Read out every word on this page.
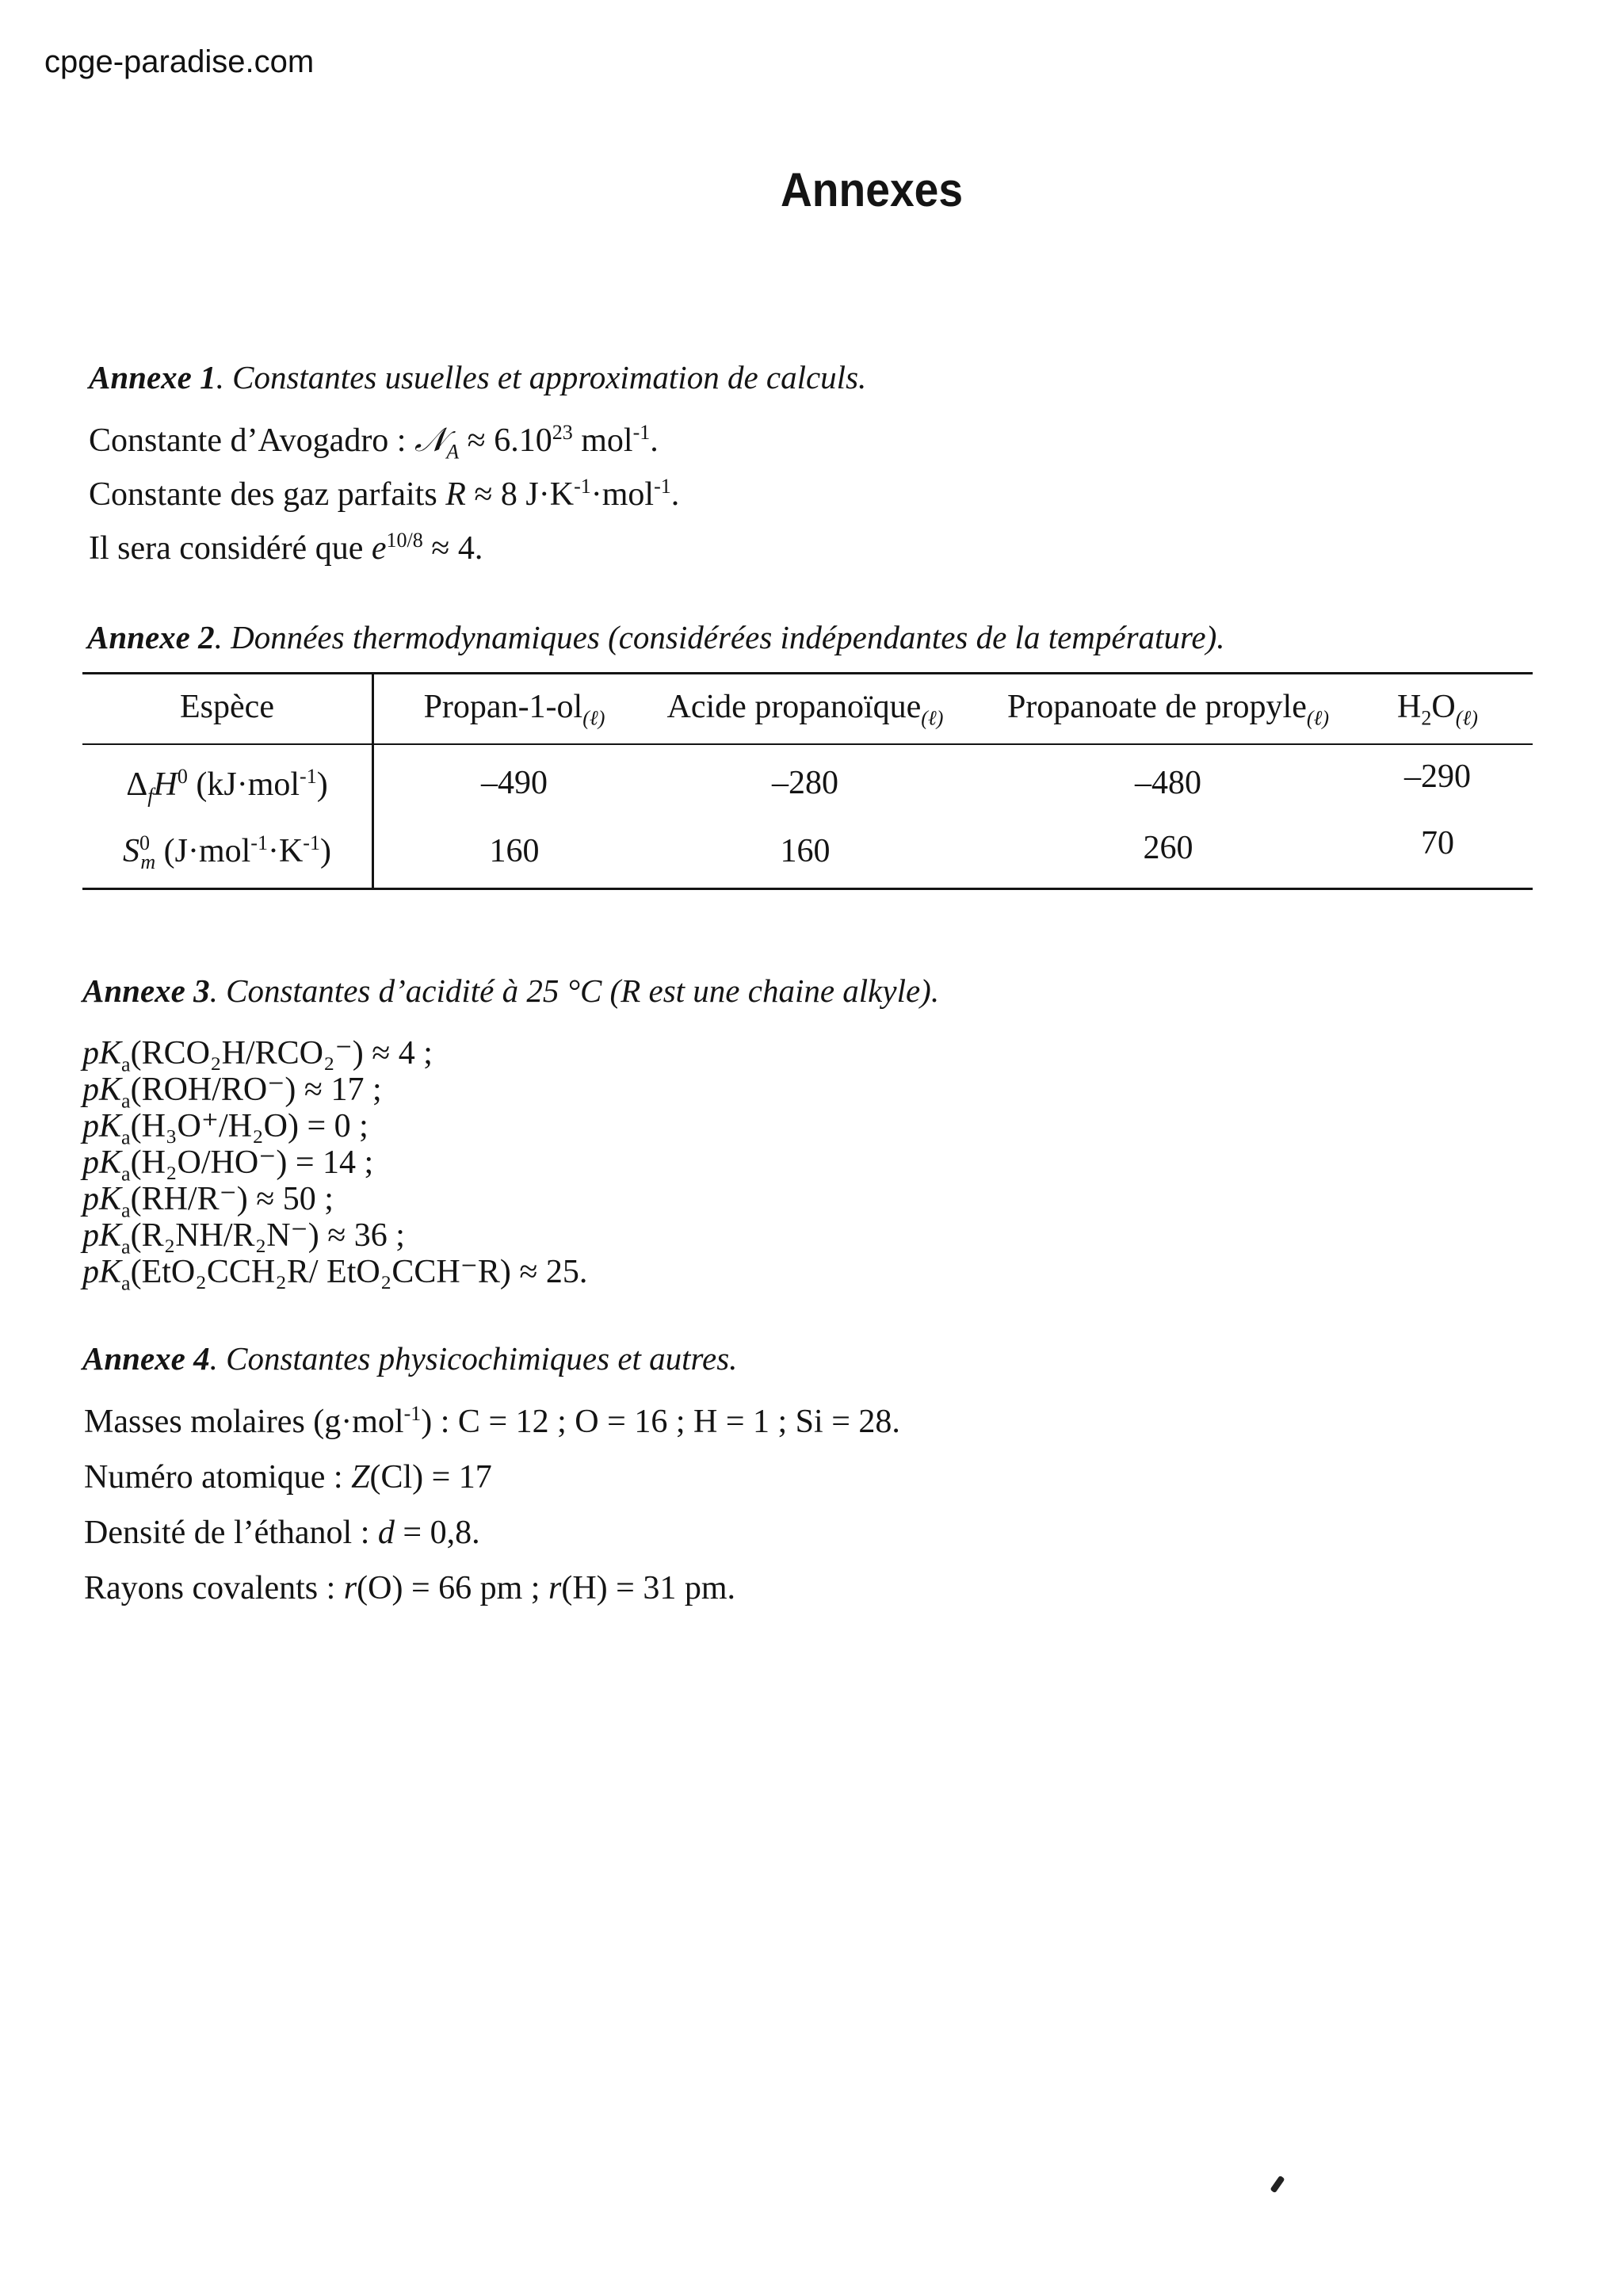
cpge-paradise.com
Annexes
Annexe 1. Constantes usuelles et approximation de calculs.
Constante d’Avogadro : 𝒩$_A$ ≈ $6.10^{23}$ mol$^{-1}$.
Constante des gaz parfaits R ≈ 8 $J\cdot K^{-1}\cdot mol^{-1}$.
Il sera considéré que $e^{10/8} \approx 4$.
Annexe 2. Données thermodynamiques (considérées indépendantes de la température).
Espèce	Propan-$1-ol_{(\ell)}$	Acide propanoïque$_{(\ell)}$	Propanoate de propyle$_{(\ell)}$	$H_2O_{(\ell)}$
$\Delta_fH^0$ (kJ·mol$^{-1}$)	–490	–280	–480	–290
$S^0_m$ $(J\cdot mol^{-1}\cdot K^{-1})$	160	160	260	70
Annexe 3. Constantes d’acidité à 25 °C (R est une chaine alkyle).
$pK_a(RCO_2H/RCO_2^-) \approx 4$ ;
$pK_a(ROH/RO^-) \approx 17$ ;
$pK_a(H_3O^+/H_2O) = 0$ ;
$pK_a(H_2O/HO^-) = 14$ ;
$pK_a(RH/R^-) \approx 50$ ;
$pK_a(R_2NH/R_2N^-) \approx 36$ ;
$pK_a(EtO_2CCH_2R/$ EtO₂CCH⁻R) ≈ 25.
Annexe 4. Constantes physicochimiques et autres.
Masses molaires (g·mol$^{-1}$) : C = 12 ; O = 16 ; H = 1 ; Si = 28.
Numéro atomique : Z(Cl) = 17
Densité de l’éthanol : d = 0,8.
Rayons covalents : r(O) = 66 pm ; r(H) = 31 pm.
